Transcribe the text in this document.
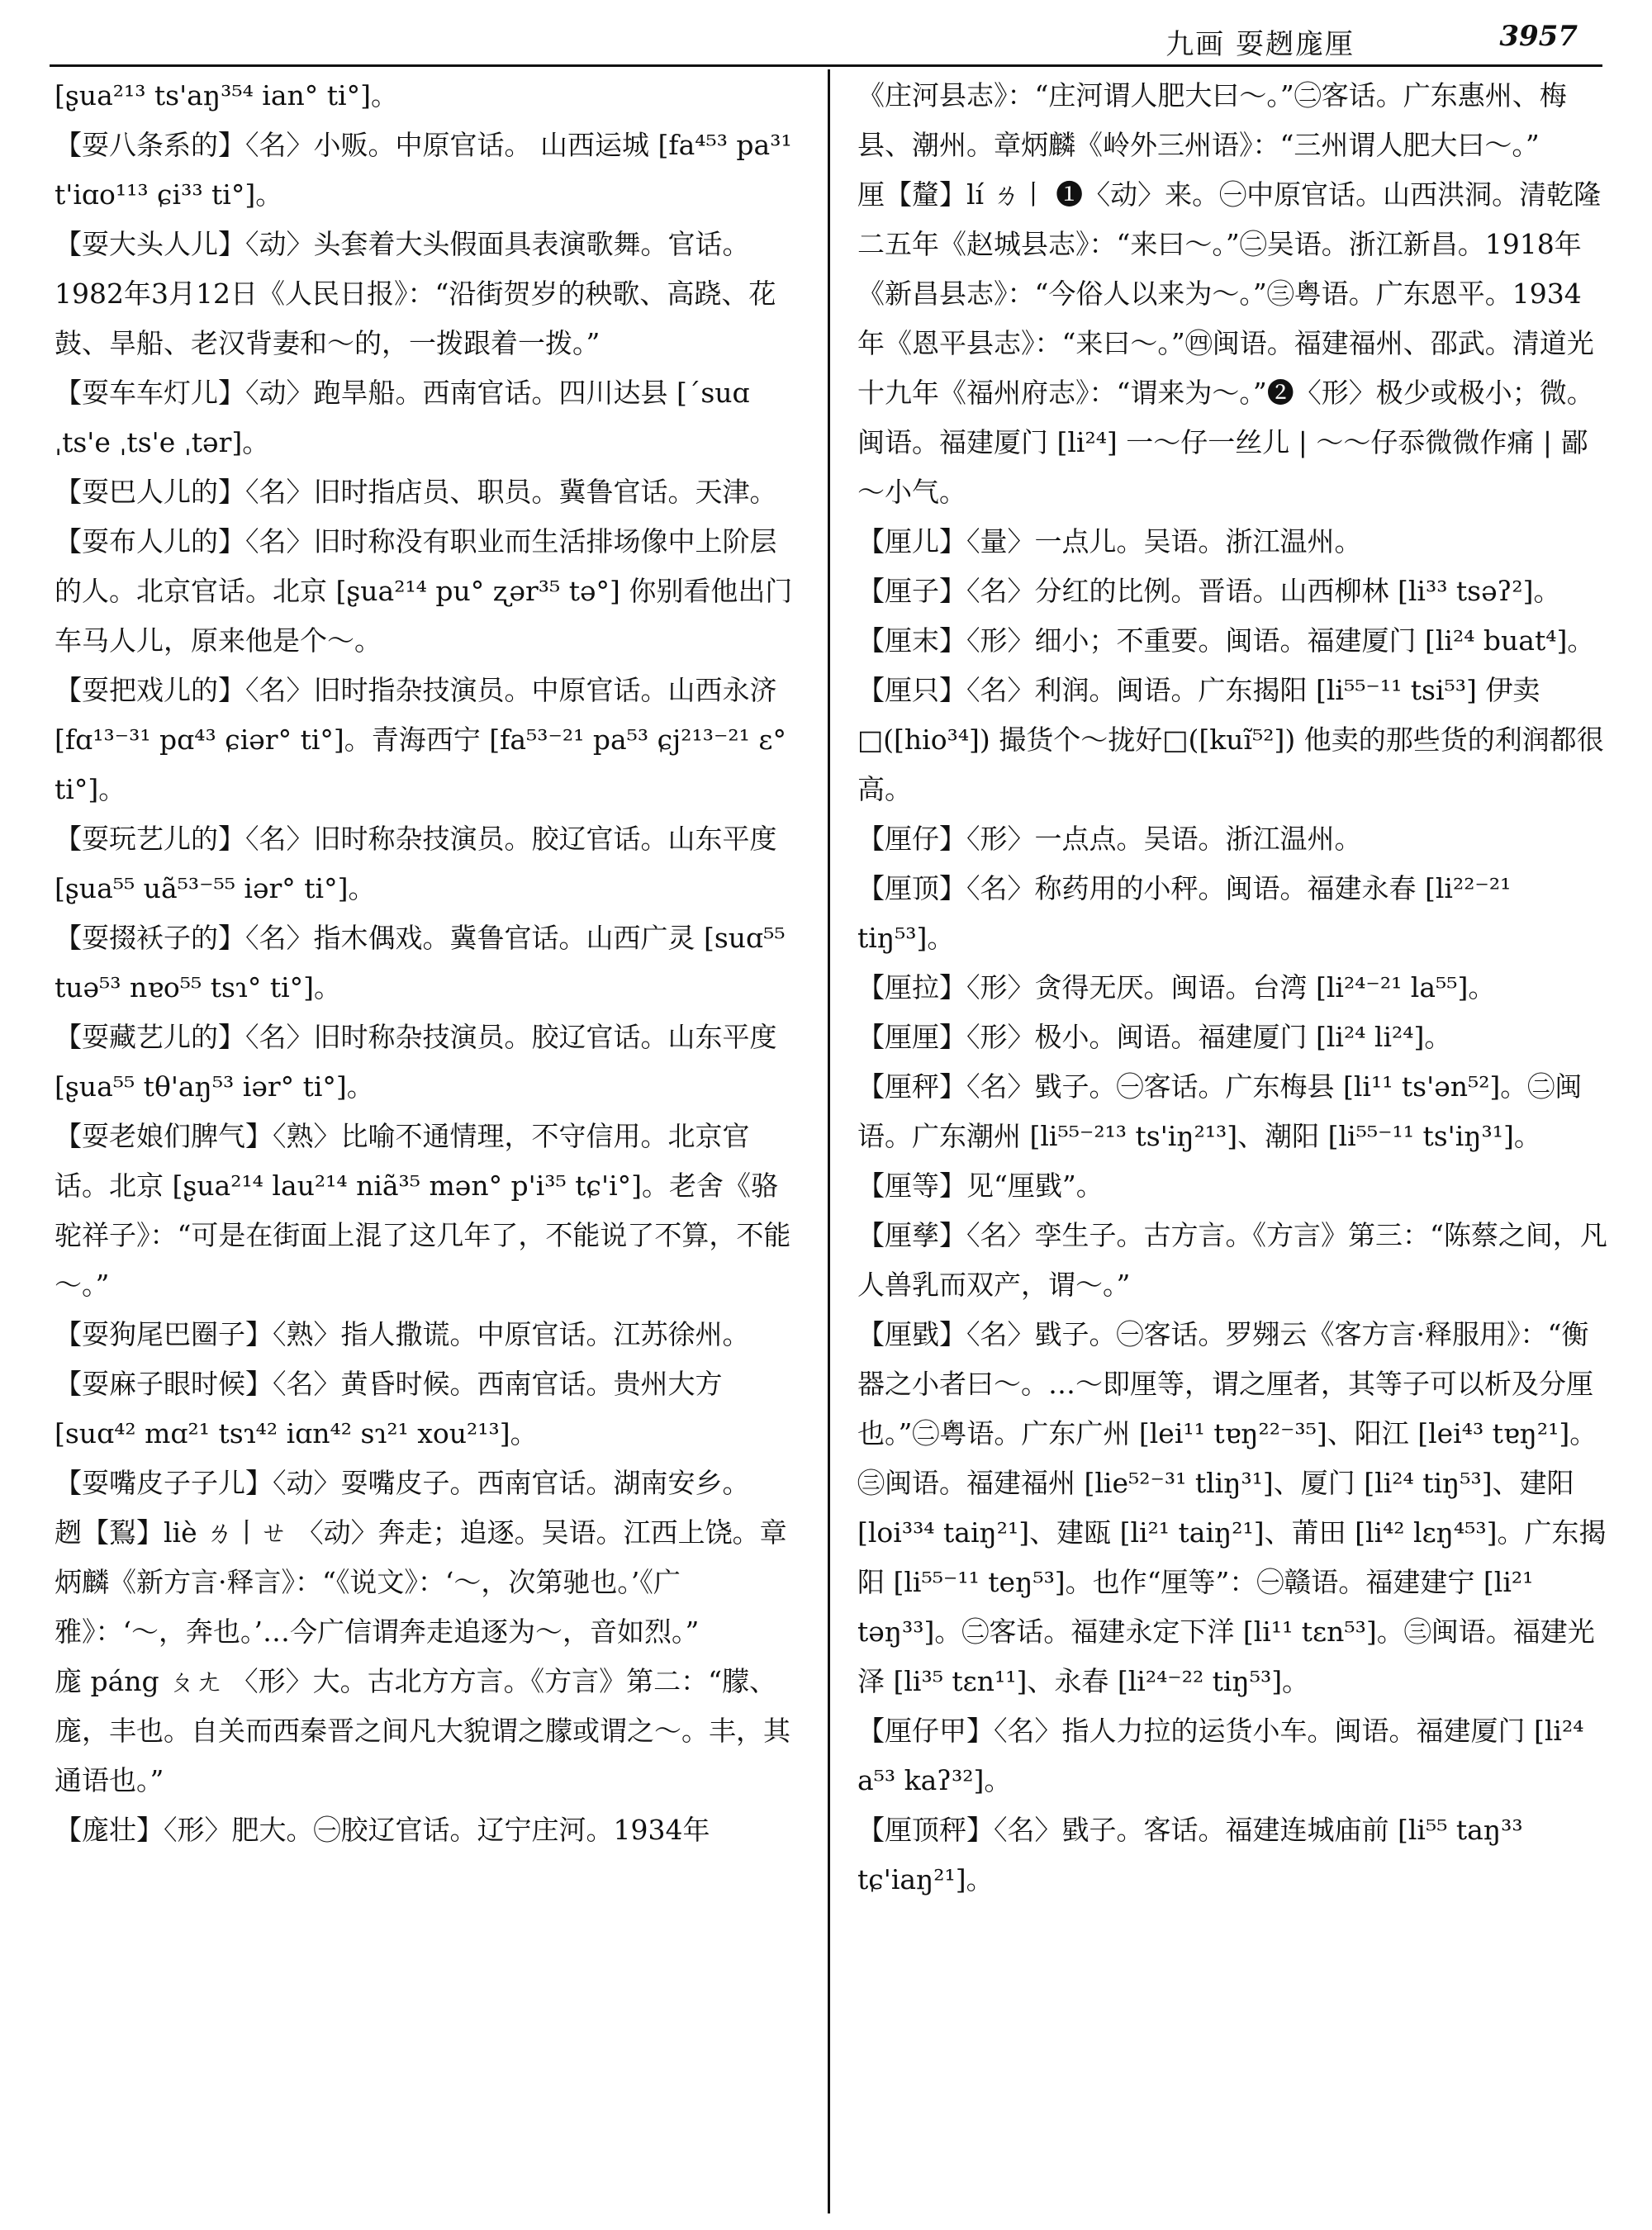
九画 耍趔庬厘	3957

[ʂua²¹³ ts'aŋ³⁵⁴ ian° ti°]。

【耍八条系的】〈名〉小贩。中原官话。 山西运城 [fa⁴⁵³ pa³¹ t'iɑo¹¹³ ɕi³³ ti°]。

【耍大头人儿】〈动〉头套着大头假面具表演歌舞。官话。1982年3月12日《人民日报》：“沿街贺岁的秧歌、高跷、花鼓、旱船、老汉背妻和～的，一拨跟着一拨。”

【耍车车灯儿】〈动〉跑旱船。西南官话。四川达县 [ˊsuɑ ˌts'e ˌts'e ˌtər]。

【耍巴人儿的】〈名〉旧时指店员、职员。冀鲁官话。天津。

【耍布人儿的】〈名〉旧时称没有职业而生活排场像中上阶层的人。北京官话。北京 [ʂua²¹⁴ pu° ʐər³⁵ tə°] 你别看他出门车马人儿，原来他是个～。

【耍把戏儿的】〈名〉旧时指杂技演员。中原官话。山西永济 [fɑ¹³⁻³¹ pɑ⁴³ ɕiər° ti°]。青海西宁 [fa⁵³⁻²¹ pa⁵³ ɕj²¹³⁻²¹ ɛ° ti°]。

【耍玩艺儿的】〈名〉旧时称杂技演员。胶辽官话。山东平度 [ʂua⁵⁵ uã⁵³⁻⁵⁵ iər° ti°]。

【耍掇袄子的】〈名〉指木偶戏。冀鲁官话。山西广灵 [suɑ⁵⁵ tuə⁵³ nɐo⁵⁵ tsɿ° ti°]。

【耍藏艺儿的】〈名〉旧时称杂技演员。胶辽官话。山东平度 [ʂua⁵⁵ tθ'aŋ⁵³ iər° ti°]。

【耍老娘们脾气】〈熟〉比喻不通情理，不守信用。北京官话。北京 [ʂua²¹⁴ lau²¹⁴ niã³⁵ mən° p'i³⁵ tɕ'i°]。老舍《骆驼祥子》：“可是在街面上混了这几年了，不能说了不算，不能～。”

【耍狗尾巴圈子】〈熟〉指人撒谎。中原官话。江苏徐州。

【耍麻子眼时候】〈名〉黄昏时候。西南官话。贵州大方 [suɑ⁴² mɑ²¹ tsɿ⁴² iɑn⁴² sɿ²¹ xou²¹³]。

【耍嘴皮子子儿】〈动〉耍嘴皮子。西南官话。湖南安乡。

趔【鴷】liè ㄌ丨ㄝ 〈动〉奔走；追逐。吴语。江西上饶。章炳麟《新方言·释言》：“《说文》：‘～，次第驰也。’《广雅》：‘～，奔也。’…今广信谓奔走追逐为～，音如烈。”

庬 páng ㄆㄤ 〈形〉大。古北方方言。《方言》第二：“朦、庬，丰也。自关而西秦晋之间凡大貌谓之朦或谓之～。丰，其通语也。”

【庬壮】〈形〉肥大。㊀胶辽官话。辽宁庄河。1934年

《庄河县志》：“庄河谓人肥大曰～。”㊁客话。广东惠州、梅县、潮州。章炳麟《岭外三州语》：“三州谓人肥大曰～。”

厘【釐】lí ㄌ丨 ❶〈动〉来。㊀中原官话。山西洪洞。清乾隆二五年《赵城县志》：“来曰～。”㊁吴语。浙江新昌。1918年《新昌县志》：“今俗人以来为～。”㊂粤语。广东恩平。1934年《恩平县志》：“来曰～。”㊃闽语。福建福州、邵武。清道光十九年《福州府志》：“谓来为～。”❷〈形〉极少或极小；微。闽语。福建厦门 [li²⁴] 一～仔一丝儿 | ～～仔忝微微作痛 | 鄙～小气。

【厘儿】〈量〉一点儿。吴语。浙江温州。

【厘子】〈名〉分红的比例。晋语。山西柳林 [li³³ tsəʔ²]。

【厘末】〈形〉细小；不重要。闽语。福建厦门 [li²⁴ buat⁴]。

【厘只】〈名〉利润。闽语。广东揭阳 [li⁵⁵⁻¹¹ tsi⁵³] 伊卖□([hio³⁴]) 撮货个～拢好□([kuĩ⁵²]) 他卖的那些货的利润都很高。

【厘仔】〈形〉一点点。吴语。浙江温州。

【厘顶】〈名〉称药用的小秤。闽语。福建永春 [li²²⁻²¹ tiŋ⁵³]。

【厘拉】〈形〉贪得无厌。闽语。台湾 [li²⁴⁻²¹ la⁵⁵]。

【厘厘】〈形〉极小。闽语。福建厦门 [li²⁴ li²⁴]。

【厘秤】〈名〉戥子。㊀客话。广东梅县 [li¹¹ ts'ən⁵²]。㊁闽语。广东潮州 [li⁵⁵⁻²¹³ ts'iŋ²¹³]、潮阳 [li⁵⁵⁻¹¹ ts'iŋ³¹]。

【厘等】见“厘戥”。

【厘孳】〈名〉孪生子。古方言。《方言》第三：“陈蔡之间，凡人兽乳而双产，谓～。”

【厘戥】〈名〉戥子。㊀客话。罗翙云《客方言·释服用》：“衡器之小者曰～。…～即厘等，谓之厘者，其等子可以析及分厘也。”㊁粤语。广东广州 [lei¹¹ tɐŋ²²⁻³⁵]、阳江 [lei⁴³ tɐŋ²¹]。㊂闽语。福建福州 [lie⁵²⁻³¹ tliŋ³¹]、厦门 [li²⁴ tiŋ⁵³]、建阳 [loi³³⁴ taiŋ²¹]、建瓯 [li²¹ taiŋ²¹]、莆田 [li⁴² lɛŋ⁴⁵³]。广东揭阳 [li⁵⁵⁻¹¹ teŋ⁵³]。也作“厘等”：㊀赣语。福建建宁 [li²¹ təŋ³³]。㊁客话。福建永定下洋 [li¹¹ tɛn⁵³]。㊂闽语。福建光泽 [li³⁵ tɛn¹¹]、永春 [li²⁴⁻²² tiŋ⁵³]。

【厘仔甲】〈名〉指人力拉的运货小车。闽语。福建厦门 [li²⁴ a⁵³ kaʔ³²]。

【厘顶秤】〈名〉戥子。客话。福建连城庙前 [li⁵⁵ taŋ³³ tɕ'iaŋ²¹]。
